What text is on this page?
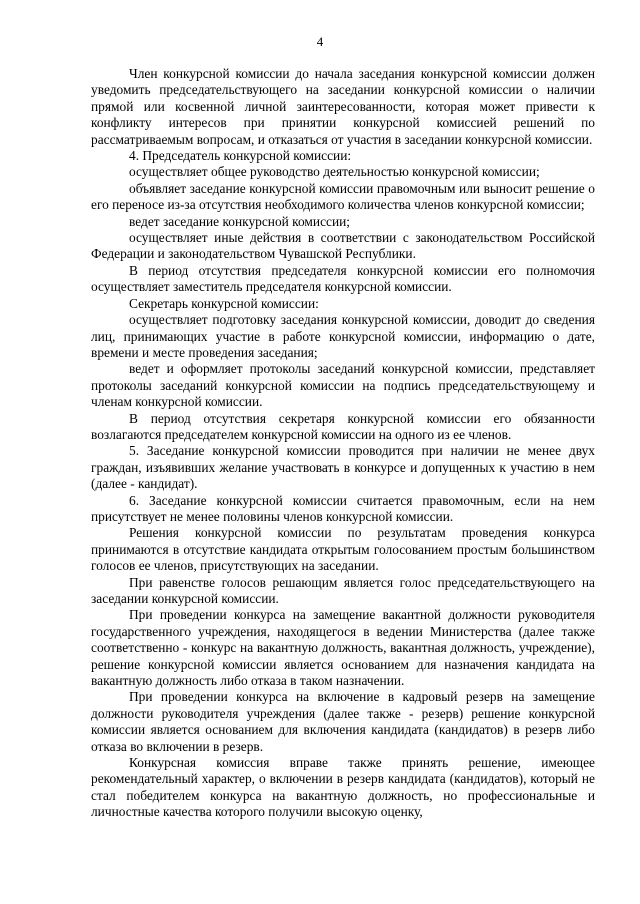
4

Член конкурсной комиссии до начала заседания конкурсной комиссии должен уведомить председательствующего на заседании конкурсной комиссии о наличии прямой или косвенной личной заинтересованности, которая может привести к конфликту интересов при принятии конкурсной комиссией решений по рассматриваемым вопросам, и отказаться от участия в заседании конкурсной комиссии.

4. Председатель конкурсной комиссии:

осуществляет общее руководство деятельностью конкурсной комиссии;

объявляет заседание конкурсной комиссии правомочным или выносит решение о его переносе из-за отсутствия необходимого количества членов конкурсной комиссии;

ведет заседание конкурсной комиссии;

осуществляет иные действия в соответствии с законодательством Российской Федерации и законодательством Чувашской Республики.

В период отсутствия председателя конкурсной комиссии его полномочия осуществляет заместитель председателя конкурсной комиссии.

Секретарь конкурсной комиссии:

осуществляет подготовку заседания конкурсной комиссии, доводит до сведения лиц, принимающих участие в работе конкурсной комиссии, информацию о дате, времени и месте проведения заседания;

ведет и оформляет протоколы заседаний конкурсной комиссии, представляет протоколы заседаний конкурсной комиссии на подпись председательствующему и членам конкурсной комиссии.

В период отсутствия секретаря конкурсной комиссии его обязанности возлагаются председателем конкурсной комиссии на одного из ее членов.

5. Заседание конкурсной комиссии проводится при наличии не менее двух граждан, изъявивших желание участвовать в конкурсе и допущенных к участию в нем (далее - кандидат).

6. Заседание конкурсной комиссии считается правомочным, если на нем присутствует не менее половины членов конкурсной комиссии.

Решения конкурсной комиссии по результатам проведения конкурса принимаются в отсутствие кандидата открытым голосованием простым большинством голосов ее членов, присутствующих на заседании.

При равенстве голосов решающим является голос председательствующего на заседании конкурсной комиссии.

При проведении конкурса на замещение вакантной должности руководителя государственного учреждения, находящегося в ведении Министерства (далее также соответственно - конкурс на вакантную должность, вакантная должность, учреждение), решение конкурсной комиссии является основанием для назначения кандидата на вакантную должность либо отказа в таком назначении.

При проведении конкурса на включение в кадровый резерв на замещение должности руководителя учреждения (далее также - резерв) решение конкурсной комиссии является основанием для включения кандидата (кандидатов) в резерв либо отказа во включении в резерв.

Конкурсная комиссия вправе также принять решение, имеющее рекомендательный характер, о включении в резерв кандидата (кандидатов), который не стал победителем конкурса на вакантную должность, но профессиональные и личностные качества которого получили высокую оценку,
